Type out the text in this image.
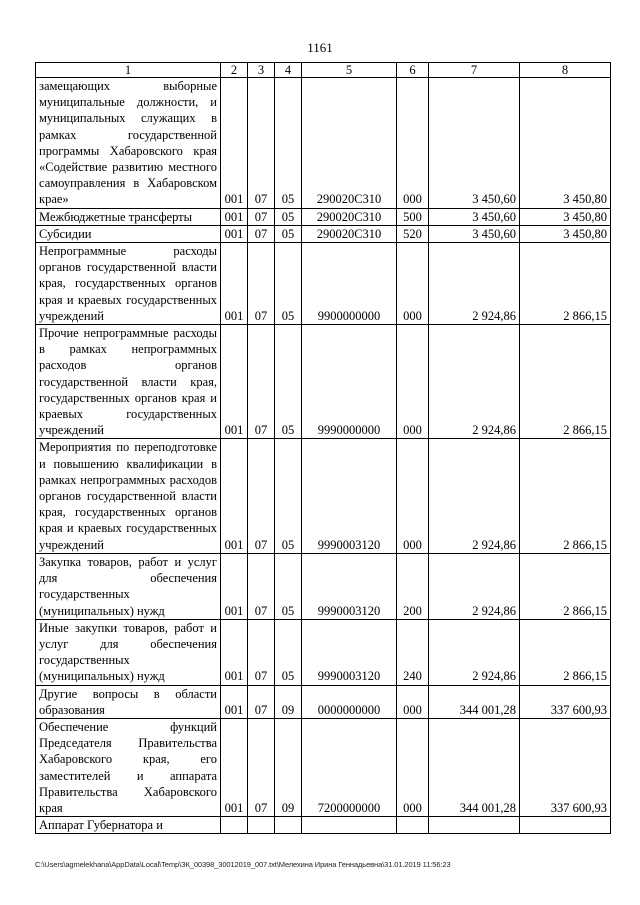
1161
1	2	3	4	5	6	7	8

замещающих выборные муниципальные должности, и муниципальных служащих в рамках государственной программы Хабаровского края «Содействие развитию местного самоуправления в Хабаровском крае»	001	07	05	290020С310	000	3 450,60	3 450,80

Межбюджетные трансферты	001	07	05	290020С310	500	3 450,60	3 450,80

Субсидии	001	07	05	290020С310	520	3 450,60	3 450,80

Непрограммные расходы органов государственной власти края, государственных органов края и краевых государственных учреждений	001	07	05	9900000000	000	2 924,86	2 866,15

Прочие непрограммные расходы в рамках непрограммных расходов органов государственной власти края, государственных органов края и краевых государственных учреждений	001	07	05	9990000000	000	2 924,86	2 866,15

Мероприятия по переподготовке и повышению квалификации в рамках непрограммных расходов органов государственной власти края, государственных органов края и краевых государственных учреждений	001	07	05	9990003120	000	2 924,86	2 866,15

Закупка товаров, работ и услуг для обеспечения государственных (муниципальных) нужд	001	07	05	9990003120	200	2 924,86	2 866,15

Иные закупки товаров, работ и услуг для обеспечения государственных (муниципальных) нужд	001	07	05	9990003120	240	2 924,86	2 866,15

Другие вопросы в области образования	001	07	09	0000000000	000	344 001,28	337 600,93

Обеспечение функций Председателя Правительства Хабаровского края, его заместителей и аппарата Правительства Хабаровского края	001	07	09	7200000000	000	344 001,28	337 600,93

Аппарат Губернатора и							

C:\Users\agmelekhana\AppData\Local\Temp\ЗК_00398_30012019_007.txt\Мелехина Ирина Геннадьевна\31.01.2019 11:56:23
